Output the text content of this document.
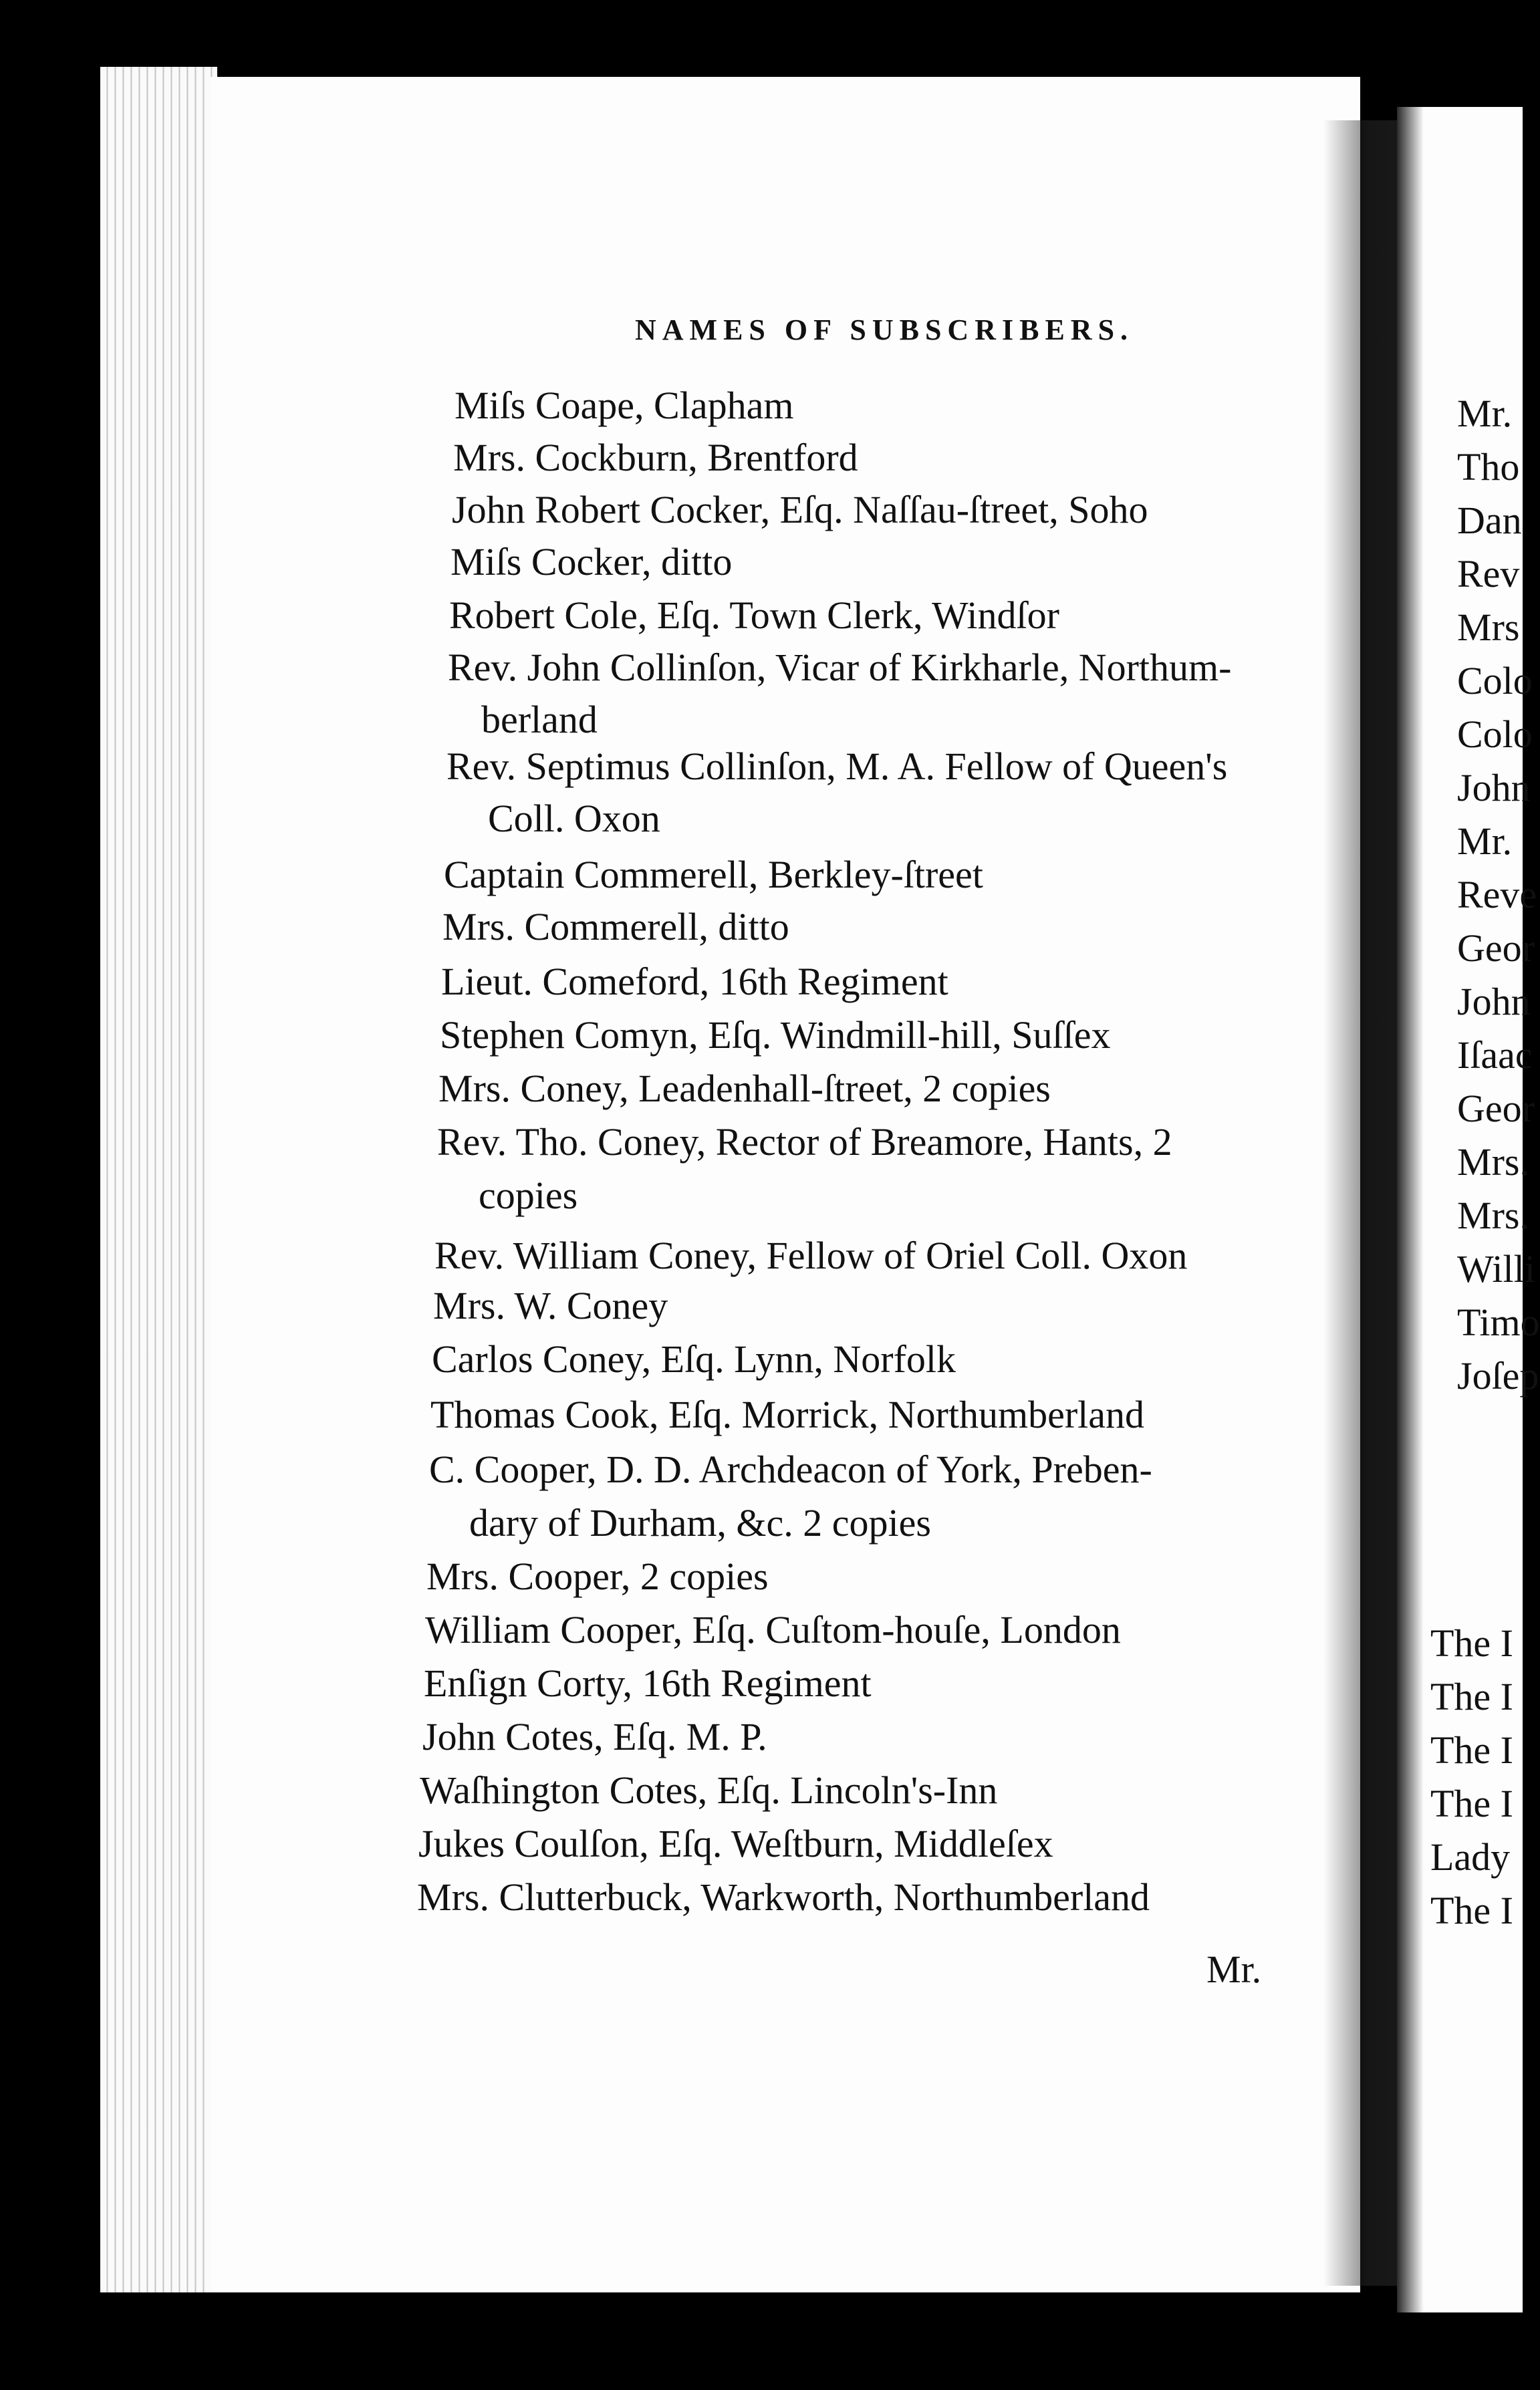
Mr.
Tho
Dan
Rev
Mrs
Colo
Colo
John
Mr.
Reve
Geor
John
Iſaac
Geor
Mrs.
Mrs.
Willi
Timo
Joſep
The I
The I
The I
The I
Lady
The I
NAMES OF SUBSCRIBERS.
Miſs Coape, Clapham
Mrs. Cockburn, Brentford
John Robert Cocker, Eſq. Naſſau-ſtreet, Soho
Miſs Cocker, ditto
Robert Cole, Eſq. Town Clerk, Windſor
Rev. John Collinſon, Vicar of Kirkharle, Northum-
berland
Rev. Septimus Collinſon, M. A. Fellow of Queen's
Coll. Oxon
Captain Commerell, Berkley-ſtreet
Mrs. Commerell, ditto
Lieut. Comeford, 16th Regiment
Stephen Comyn, Eſq. Windmill-hill, Suſſex
Mrs. Coney, Leadenhall-ſtreet, 2 copies
Rev. Tho. Coney, Rector of Breamore, Hants, 2
copies
Rev. William Coney, Fellow of Oriel Coll. Oxon
Mrs. W. Coney
Carlos Coney, Eſq. Lynn, Norfolk
Thomas Cook, Eſq. Morrick, Northumberland
C. Cooper, D. D. Archdeacon of York, Preben-
dary of Durham, &c. 2 copies
Mrs. Cooper, 2 copies
William Cooper, Eſq. Cuſtom-houſe, London
Enſign Corty, 16th Regiment
John Cotes, Eſq. M. P.
Waſhington Cotes, Eſq. Lincoln's-Inn
Jukes Coulſon, Eſq. Weſtburn, Middleſex
Mrs. Clutterbuck, Warkworth, Northumberland
Mr.
